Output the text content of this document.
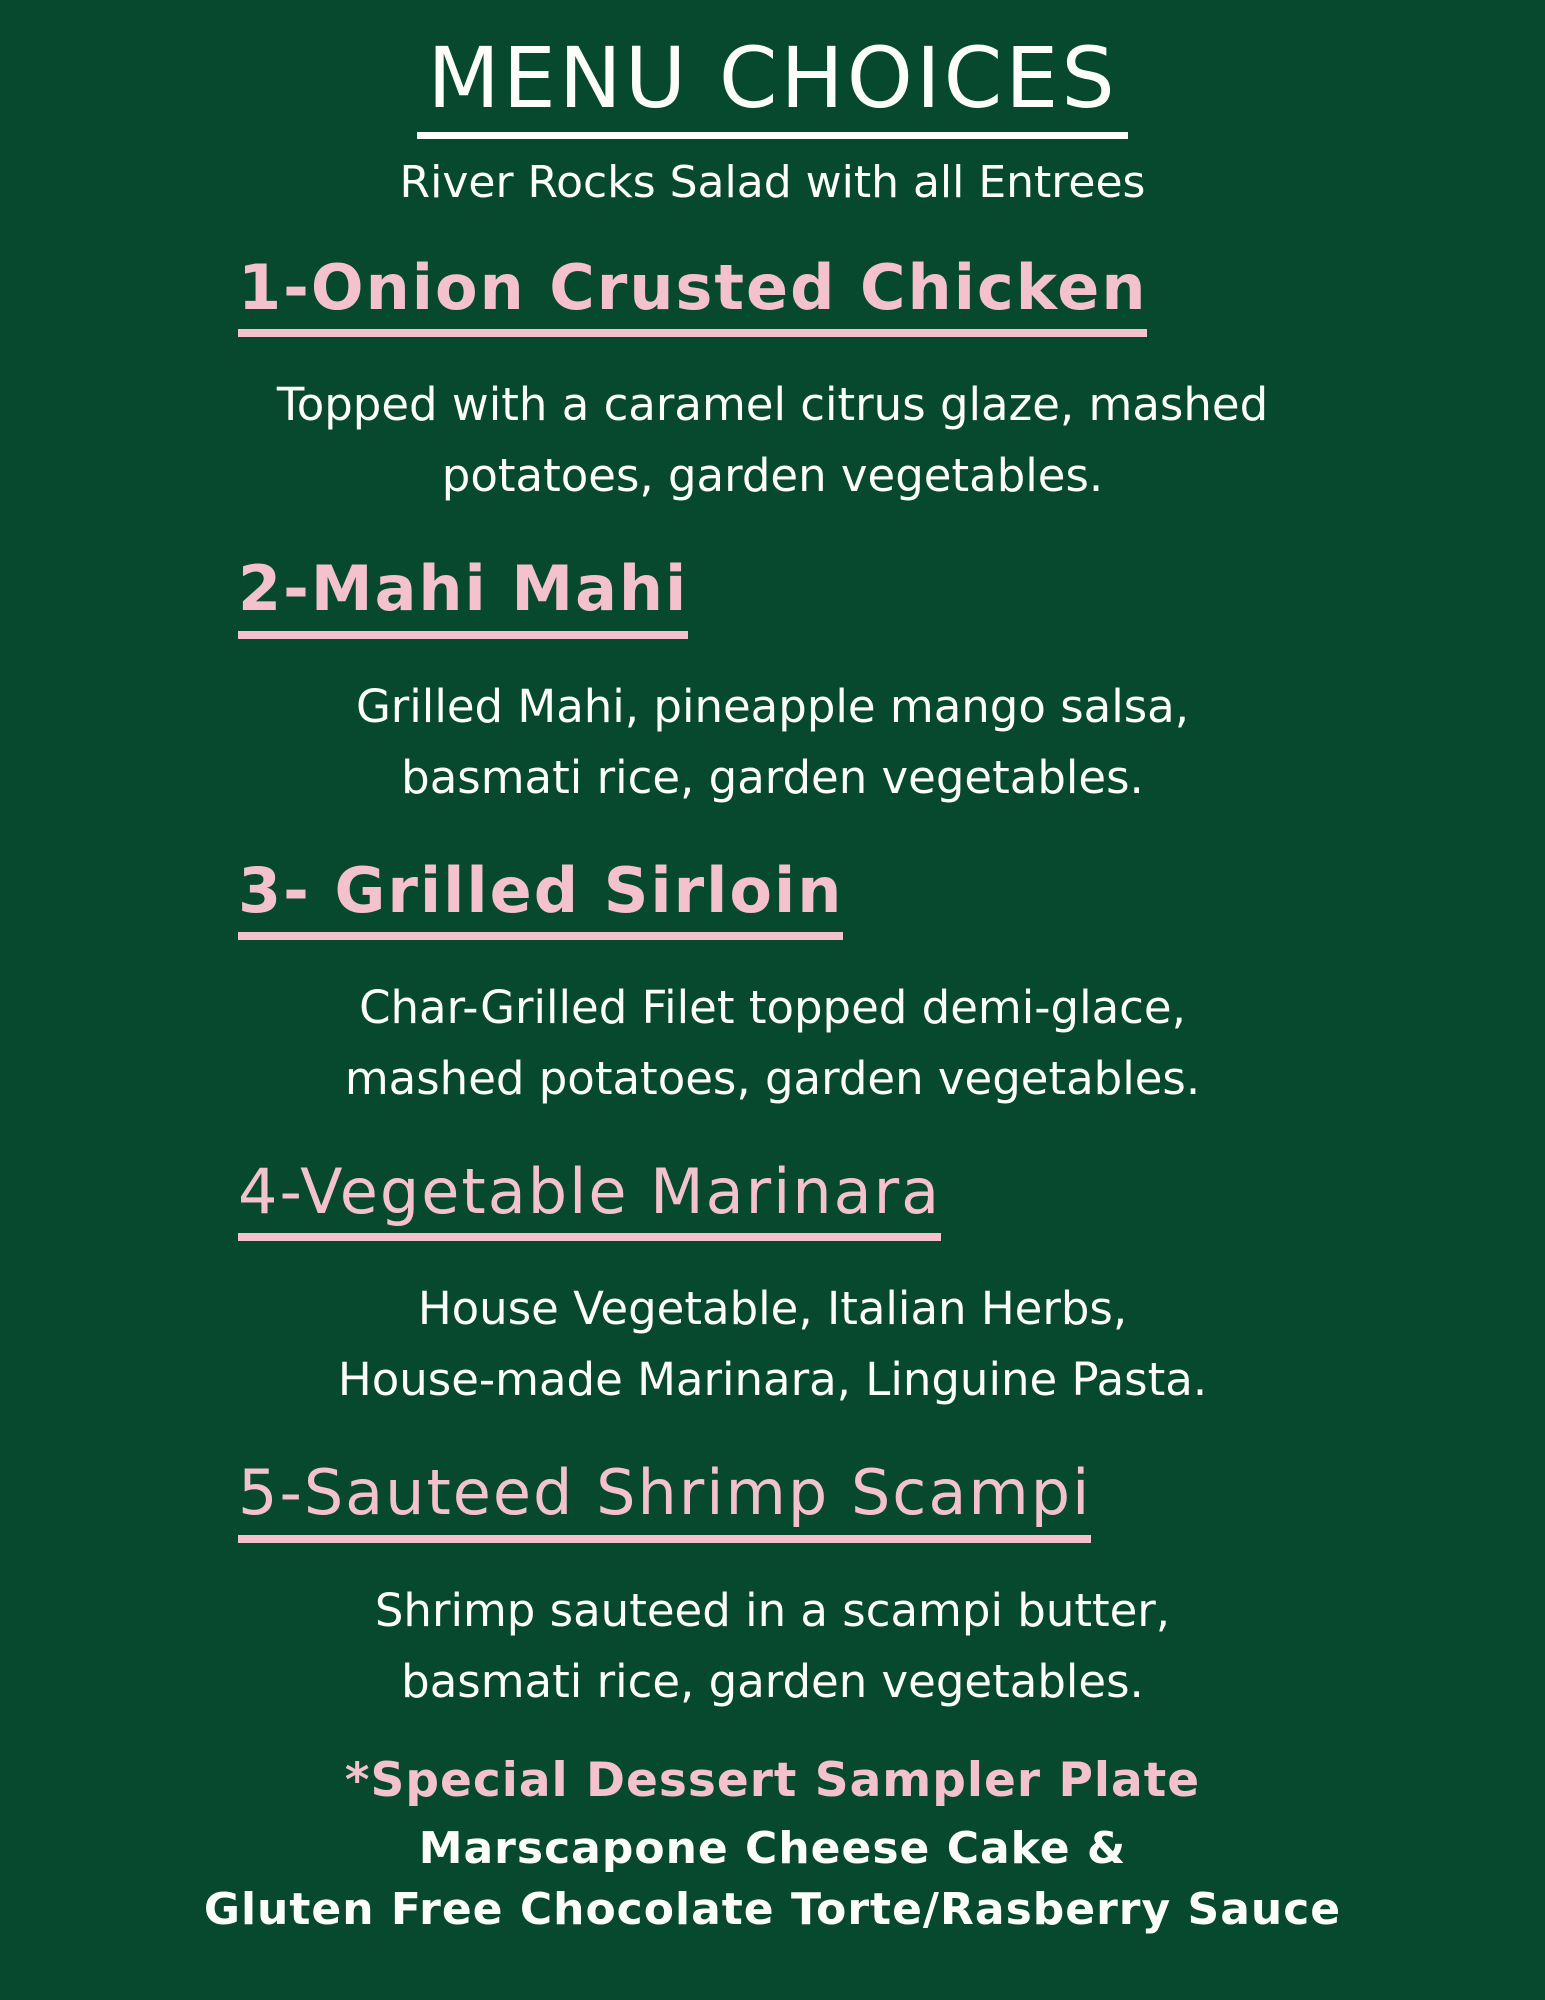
MENU CHOICES
River Rocks Salad with all Entrees
1-Onion Crusted Chicken
Topped with a caramel citrus glaze, mashed
potatoes, garden vegetables.
2-Mahi Mahi
Grilled Mahi, pineapple mango salsa,
basmati rice, garden vegetables.
3- Grilled Sirloin
Char-Grilled Filet topped demi-glace,
mashed potatoes, garden vegetables.
4-Vegetable Marinara
House Vegetable, Italian Herbs,
House-made Marinara, Linguine Pasta.
5-Sauteed Shrimp Scampi
Shrimp sauteed in a scampi butter,
basmati rice, garden vegetables.
*Special Dessert Sampler Plate
Marscapone Cheese Cake &
Gluten Free Chocolate Torte/Rasberry Sauce
